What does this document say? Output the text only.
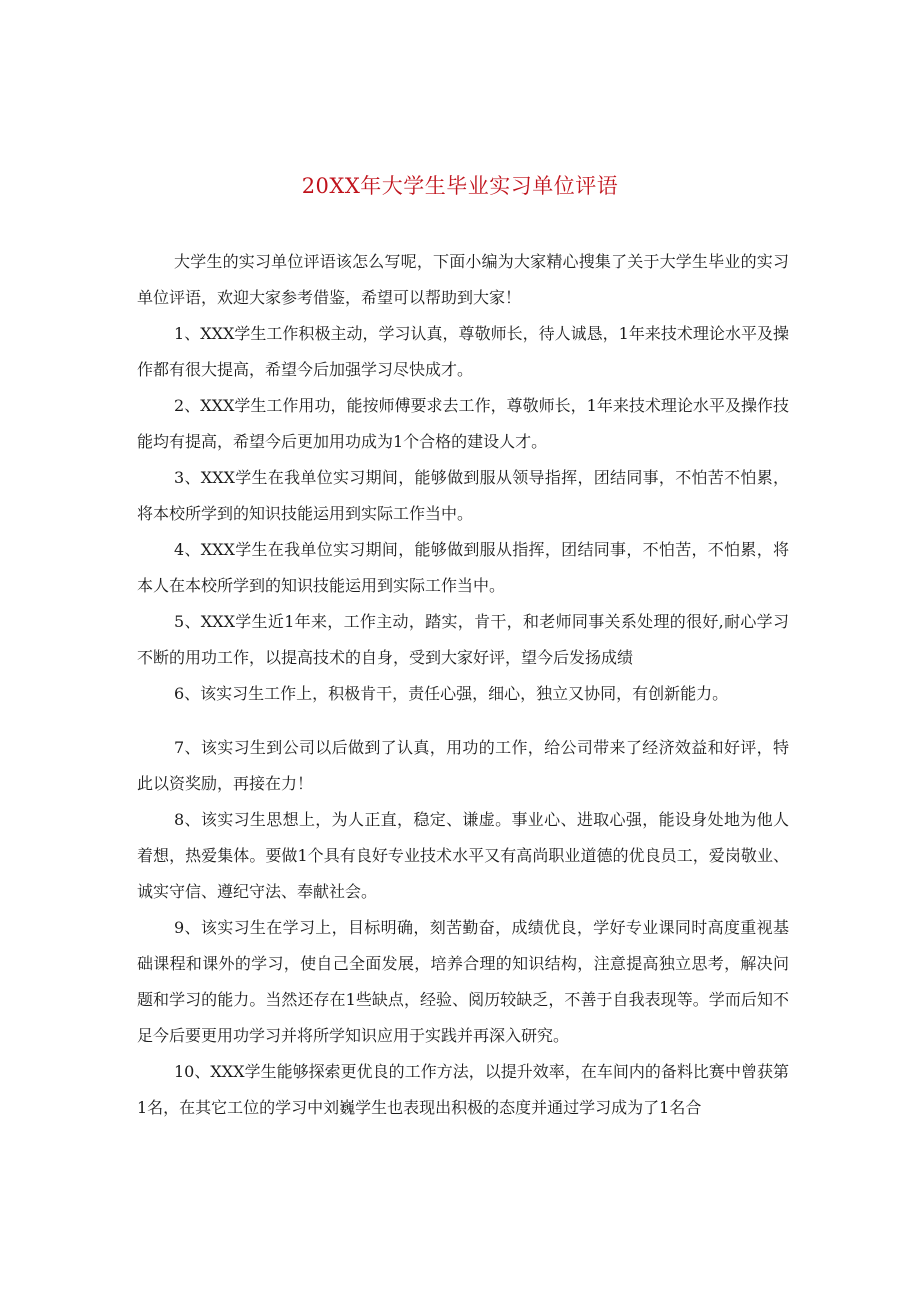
20XX年大学生毕业实习单位评语

大学生的实习单位评语该怎么写呢，下面小编为大家精心搜集了关于大学生毕业的实习单位评语，欢迎大家参考借鉴，希望可以帮助到大家！

1、XXX学生工作积极主动，学习认真，尊敬师长，待人诚恳，1年来技术理论水平及操作都有很大提高，希望今后加强学习尽快成才。

2、XXX学生工作用功，能按师傅要求去工作，尊敬师长，1年来技术理论水平及操作技能均有提高，希望今后更加用功成为1个合格的建设人才。

3、XXX学生在我单位实习期间，能够做到服从领导指挥，团结同事，不怕苦不怕累，将本校所学到的知识技能运用到实际工作当中。

4、XXX学生在我单位实习期间，能够做到服从指挥，团结同事，不怕苦，不怕累，将本人在本校所学到的知识技能运用到实际工作当中。

5、XXX学生近1年来，工作主动，踏实，肯干，和老师同事关系处理的很好,耐心学习不断的用功工作，以提高技术的自身，受到大家好评，望今后发扬成绩

6、该实习生工作上，积极肯干，责任心强，细心，独立又协同，有创新能力。

7、该实习生到公司以后做到了认真，用功的工作，给公司带来了经济效益和好评，特此以资奖励，再接在力！

8、该实习生思想上，为人正直，稳定、谦虚。事业心、进取心强，能设身处地为他人着想，热爱集体。要做1个具有良好专业技术水平又有高尚职业道德的优良员工，爱岗敬业、诚实守信、遵纪守法、奉献社会。

9、该实习生在学习上，目标明确，刻苦勤奋，成绩优良，学好专业课同时高度重视基础课程和课外的学习，使自己全面发展，培养合理的知识结构，注意提高独立思考，解决问题和学习的能力。当然还存在1些缺点，经验、阅历较缺乏，不善于自我表现等。学而后知不足今后要更用功学习并将所学知识应用于实践并再深入研究。

10、XXX学生能够探索更优良的工作方法，以提升效率，在车间内的备料比赛中曾获第1名，在其它工位的学习中刘巍学生也表现出积极的态度并通过学习成为了1名合
